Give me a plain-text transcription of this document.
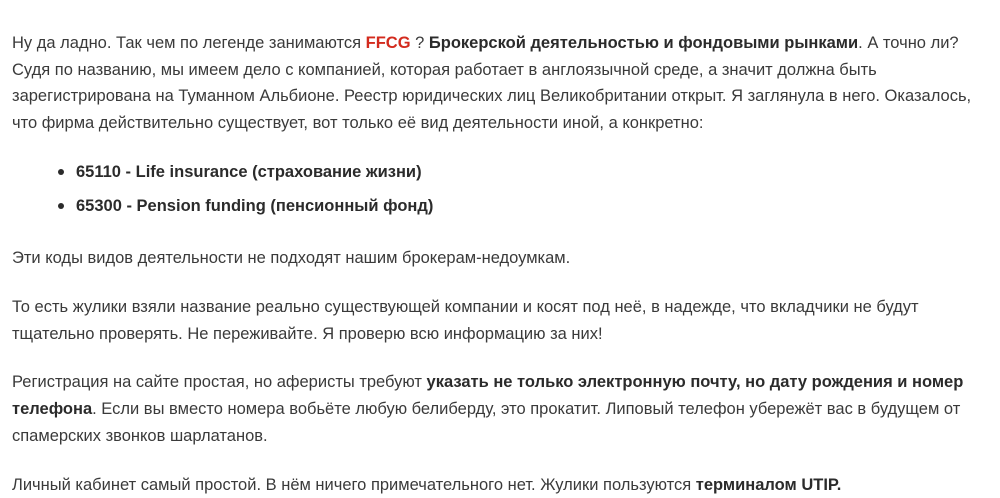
Ну да ладно. Так чем по легенде занимаются FFCG ? Брокерской деятельностью и фондовыми рынками. А точно ли? Судя по названию, мы имеем дело с компанией, которая работает в англоязычной среде, а значит должна быть зарегистрирована на Туманном Альбионе. Реестр юридических лиц Великобритании открыт. Я заглянула в него. Оказалось, что фирма действительно существует, вот только её вид деятельности иной, а конкретно:

65110 - Life insurance (страхование жизни)
65300 - Pension funding (пенсионный фонд)

Эти коды видов деятельности не подходят нашим брокерам-недоумкам.

То есть жулики взяли название реально существующей компании и косят под неё, в надежде, что вкладчики не будут тщательно проверять. Не переживайте. Я проверю всю информацию за них!

Регистрация на сайте простая, но аферисты требуют указать не только электронную почту, но дату рождения и номер телефона. Если вы вместо номера вобьёте любую белиберду, это прокатит. Липовый телефон убережёт вас в будущем от спамерских звонков шарлатанов.

Личный кабинет самый простой. В нём ничего примечательного нет. Жулики пользуются терминалом UTIP.
